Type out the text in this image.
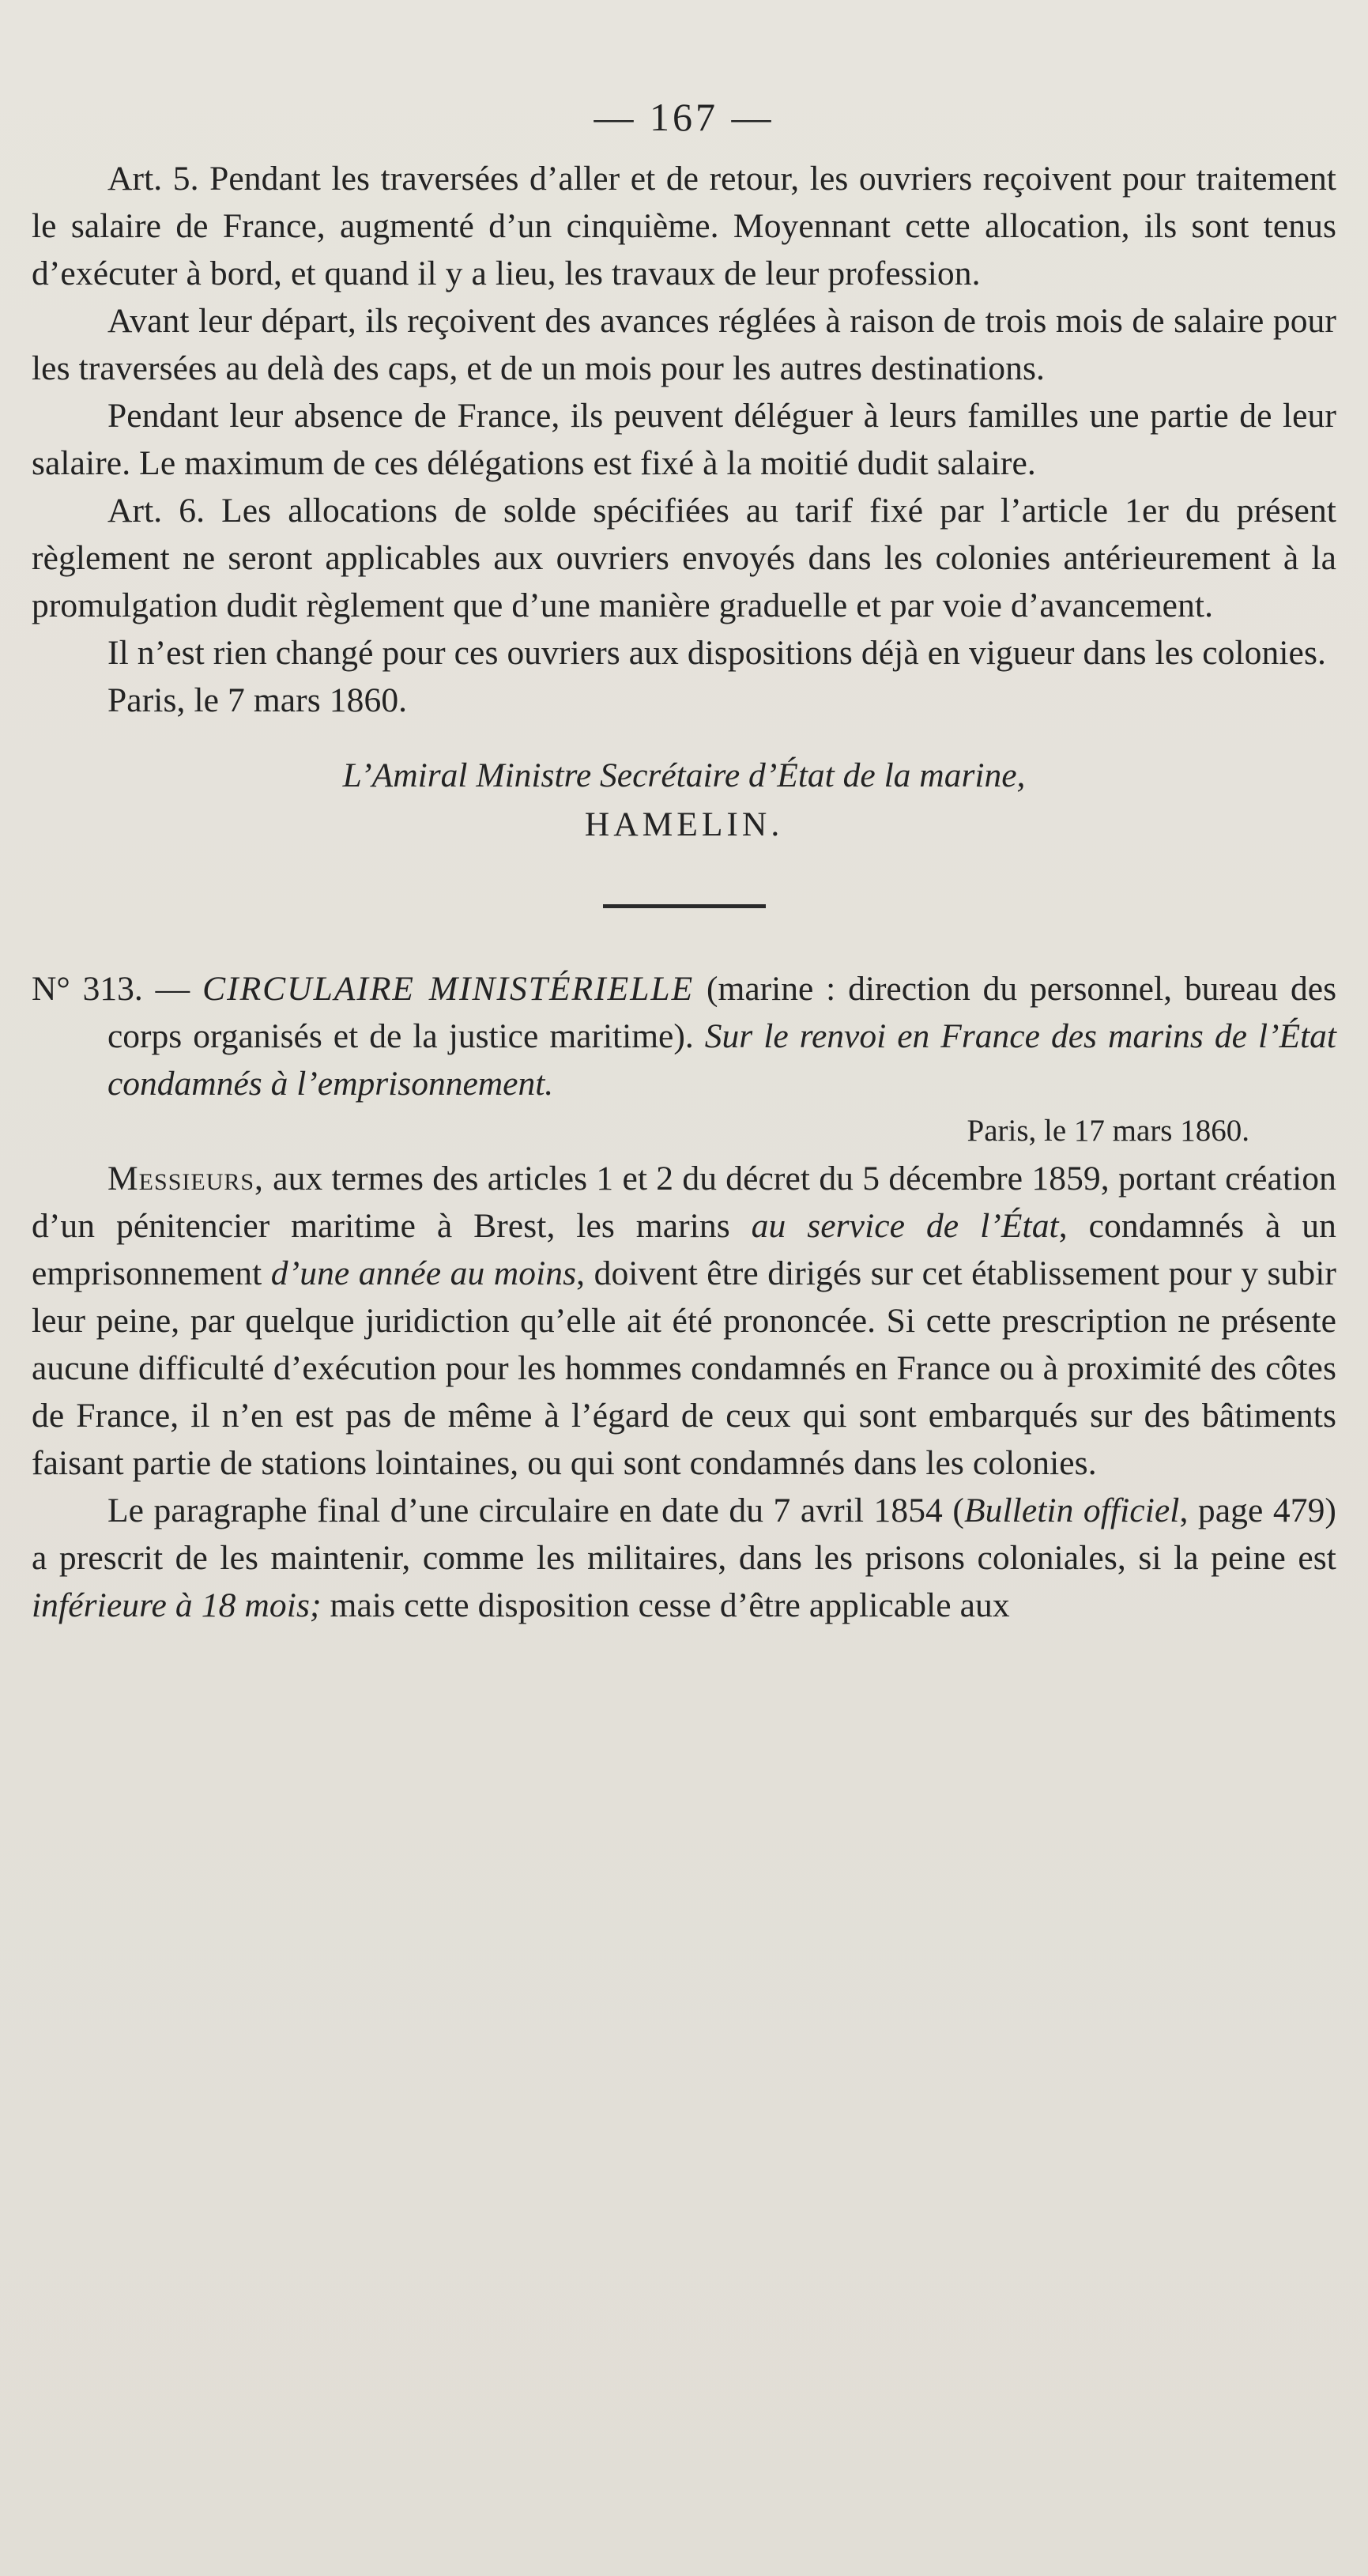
— 167 —

Art. 5. Pendant les traversées d’aller et de retour, les ouvriers reçoivent pour traitement le salaire de France, augmenté d’un cinquième. Moyennant cette allocation, ils sont tenus d’exécuter à bord, et quand il y a lieu, les travaux de leur profession.

Avant leur départ, ils reçoivent des avances réglées à raison de trois mois de salaire pour les traversées au delà des caps, et de un mois pour les autres destinations.

Pendant leur absence de France, ils peuvent déléguer à leurs familles une partie de leur salaire. Le maximum de ces délégations est fixé à la moitié dudit salaire.

Art. 6. Les allocations de solde spécifiées au tarif fixé par l’article 1er du présent règlement ne seront applicables aux ouvriers envoyés dans les colonies antérieurement à la promulgation dudit règlement que d’une manière graduelle et par voie d’avancement.

Il n’est rien changé pour ces ouvriers aux dispositions déjà en vigueur dans les colonies.

Paris, le 7 mars 1860.

L’Amiral Ministre Secrétaire d’État de la marine,
HAMELIN.

N° 313. — CIRCULAIRE MINISTÉRIELLE (marine : direction du personnel, bureau des corps organisés et de la justice maritime). Sur le renvoi en France des marins de l’État condamnés à l’emprisonnement.

Paris, le 17 mars 1860.

Messieurs, aux termes des articles 1 et 2 du décret du 5 décembre 1859, portant création d’un pénitencier maritime à Brest, les marins au service de l’État, condamnés à un emprisonnement d’une année au moins, doivent être dirigés sur cet établissement pour y subir leur peine, par quelque juridiction qu’elle ait été prononcée. Si cette prescription ne présente aucune difficulté d’exécution pour les hommes condamnés en France ou à proximité des côtes de France, il n’en est pas de même à l’égard de ceux qui sont embarqués sur des bâtiments faisant partie de stations lointaines, ou qui sont condamnés dans les colonies.

Le paragraphe final d’une circulaire en date du 7 avril 1854 (Bulletin officiel, page 479) a prescrit de les maintenir, comme les militaires, dans les prisons coloniales, si la peine est inférieure à 18 mois; mais cette disposition cesse d’être applicable aux
